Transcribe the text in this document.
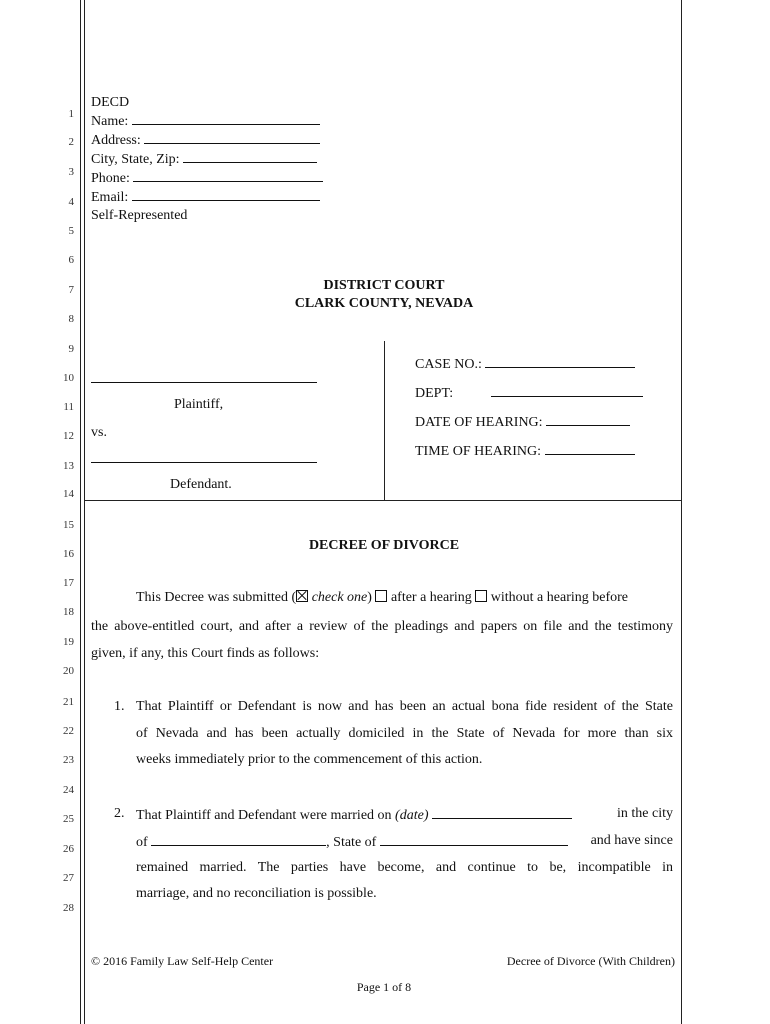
1
2
3
4
5
6
7
8
9
10
11
12
13
14
15
16
17
18
19
20
21
22
23
24
25
26
27
28
DECD
Name:
Address:
City, State, Zip:
Phone:
Email:
Self-Represented
DISTRICT COURT
CLARK COUNTY, NEVADA
Plaintiff,
vs.
Defendant.
CASE NO.:
DEPT:
DATE OF HEARING:
TIME OF HEARING:
DECREE OF DIVORCE
This Decree was submitted ( check one) after a hearing without a hearing before
the above-entitled court, and after a review of the pleadings and papers on file and the testimony
given, if any, this Court finds as follows:
1. That Plaintiff or Defendant is now and has been an actual bona fide resident of the State
of Nevada and has been actually domiciled in the State of Nevada for more than six
weeks immediately prior to the commencement of this action.
2. That Plaintiff and Defendant were married on (date)	in the city
of	, State of	and have since
remained married. The parties have become, and continue to be, incompatible in
marriage, and no reconciliation is possible.
© 2016 Family Law Self-Help Center	Decree of Divorce (With Children)
Page 1 of 8
